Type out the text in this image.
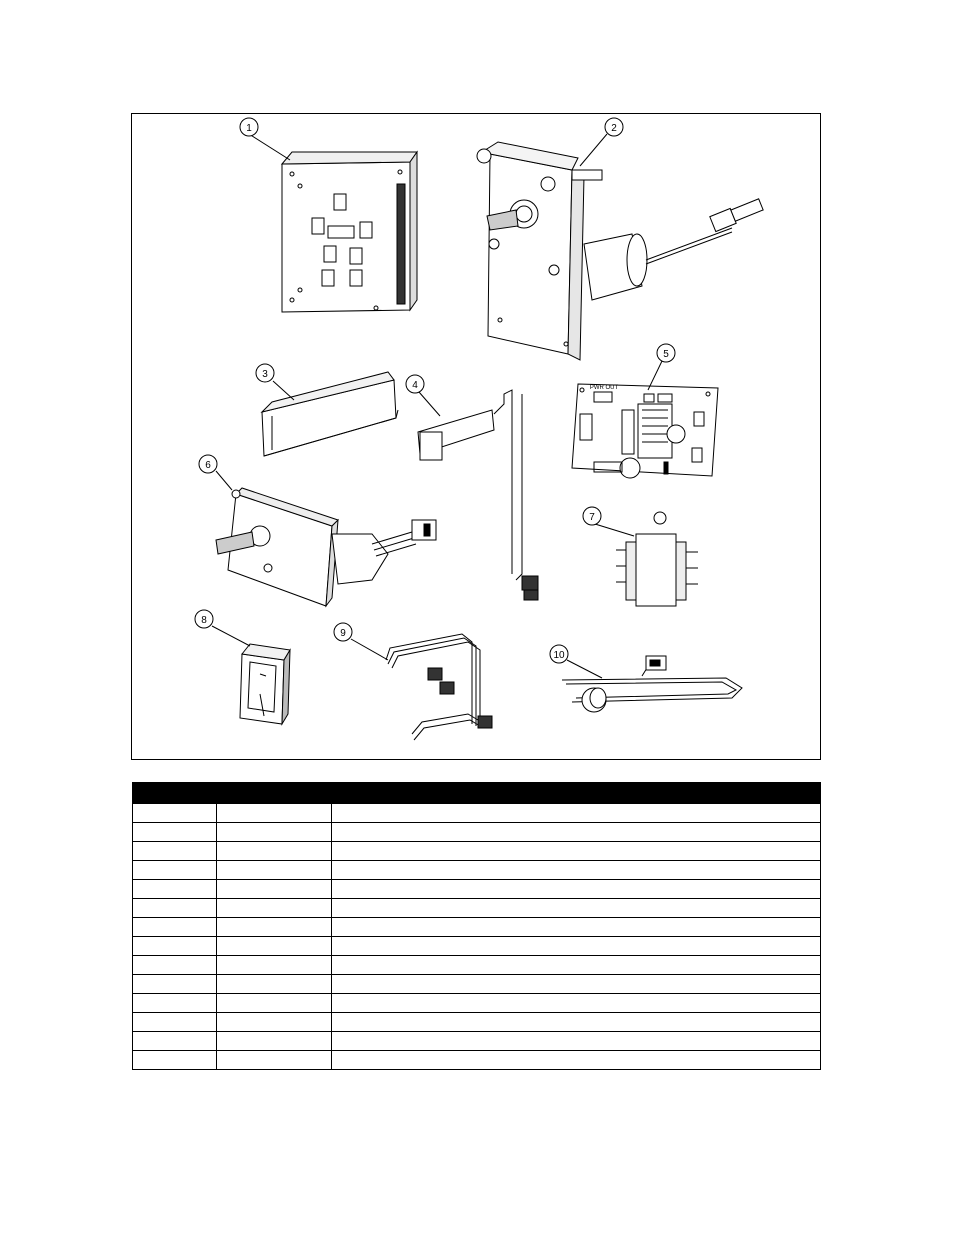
1	2
3
4
5
6
7
8
9
10
PWR OUT
